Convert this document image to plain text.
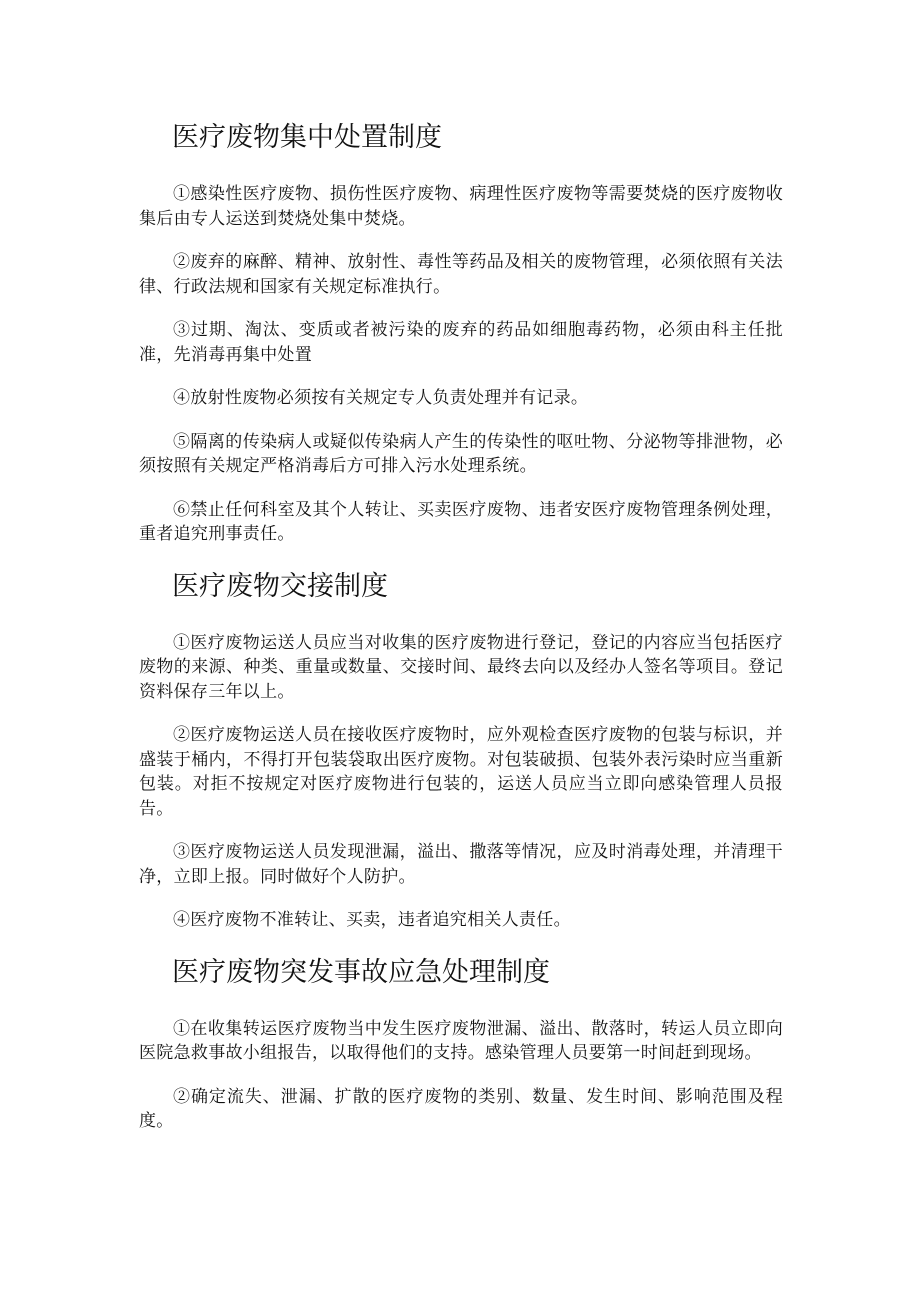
医疗废物集中处置制度

①感染性医疗废物、损伤性医疗废物、病理性医疗废物等需要焚烧的医疗废物收集后由专人运送到焚烧处集中焚烧。

②废弃的麻醉、精神、放射性、毒性等药品及相关的废物管理，必须依照有关法律、行政法规和国家有关规定标准执行。

③过期、淘汰、变质或者被污染的废弃的药品如细胞毒药物，必须由科主任批准，先消毒再集中处置

④放射性废物必须按有关规定专人负责处理并有记录。

⑤隔离的传染病人或疑似传染病人产生的传染性的呕吐物、分泌物等排泄物，必须按照有关规定严格消毒后方可排入污水处理系统。

⑥禁止任何科室及其个人转让、买卖医疗废物、违者安医疗废物管理条例处理，重者追究刑事责任。

医疗废物交接制度

①医疗废物运送人员应当对收集的医疗废物进行登记，登记的内容应当包括医疗废物的来源、种类、重量或数量、交接时间、最终去向以及经办人签名等项目。登记资料保存三年以上。

②医疗废物运送人员在接收医疗废物时，应外观检查医疗废物的包装与标识，并盛装于桶内，不得打开包装袋取出医疗废物。对包装破损、包装外表污染时应当重新包装。对拒不按规定对医疗废物进行包装的，运送人员应当立即向感染管理人员报告。

③医疗废物运送人员发现泄漏，溢出、撒落等情况，应及时消毒处理，并清理干净，立即上报。同时做好个人防护。

④医疗废物不准转让、买卖，违者追究相关人责任。

医疗废物突发事故应急处理制度

①在收集转运医疗废物当中发生医疗废物泄漏、溢出、散落时，转运人员立即向医院急救事故小组报告，以取得他们的支持。感染管理人员要第一时间赶到现场。

②确定流失、泄漏、扩散的医疗废物的类别、数量、发生时间、影响范围及程度。
